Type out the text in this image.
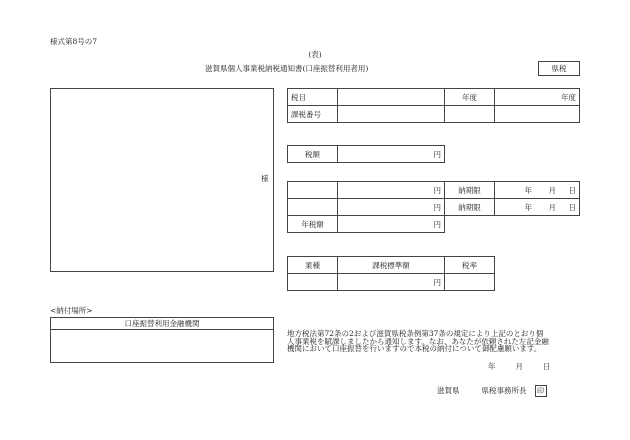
様式第8号の7
(表)
滋賀県個人事業税納税通知書(口座振替利用者用)	県税
様
税目		年度	年度
課税番号			
税額	円
	円	納期限	年 月 日
	円	納期限	年 月 日
年税額	円		
業種	課税標準額	税率
	円	
<納付場所>
口座振替利用金融機関
地方税法第72条の2および滋賀県税条例第37条の規定により上記のとおり個
人事業税を賦課しましたから通知します。なお、あなたが依頼された左記金融
機関において口座振替を行いますので本税の納付について御配慮願います。
年	月	日
滋賀県	県税事務所長 印
